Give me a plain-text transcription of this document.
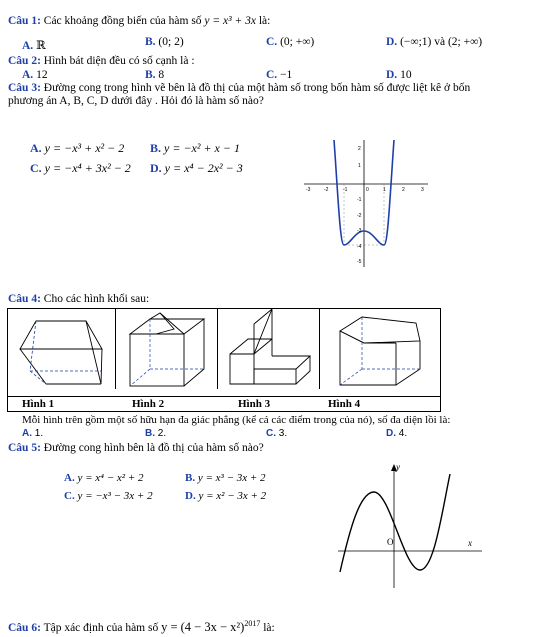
Câu 1: Các khoảng đồng biến của hàm số y = x³ + 3x là:
A. ℝ	B. (0; 2)	C. (0; +∞)	D. (−∞;1) và (2; +∞)
Câu 2: Hình bát diện đều có số cạnh là :
A. 12	B. 8	C. −1	D. 10
Câu 3: Đường cong trong hình vẽ bên là đồ thị của một hàm số trong bốn hàm số được liệt kê ở bốn
phương án A, B, C, D dưới đây . Hỏi đó là hàm số nào?
A. y = −x³ + x² − 2 B. y = −x² + x − 1
C. y = −x⁴ + 3x² − 2 D. y = x⁴ − 2x² − 3
-3	-2	-1	0	1	2	3
2
1
-1
-2
-3
-4
-5
Câu 4: Cho các hình khối sau:
Hình 1	Hình 2	Hình 3	Hình 4
Mỗi hình trên gồm một số hữu hạn đa giác phẳng (kể cả các điểm trong của nó), số đa diện lồi là:
A. 1.	B. 2.	C. 3.	D. 4.
Câu 5: Đường cong hình bên là đồ thị của hàm số nào?
A. y = x⁴ − x² + 2	B. y = x³ − 3x + 2
C. y = −x³ − 3x + 2	D. y = x² − 3x + 2
y
x
O
Câu 6: Tập xác định của hàm số $y = (4 - 3x - x^2)^{2017}$ là:
